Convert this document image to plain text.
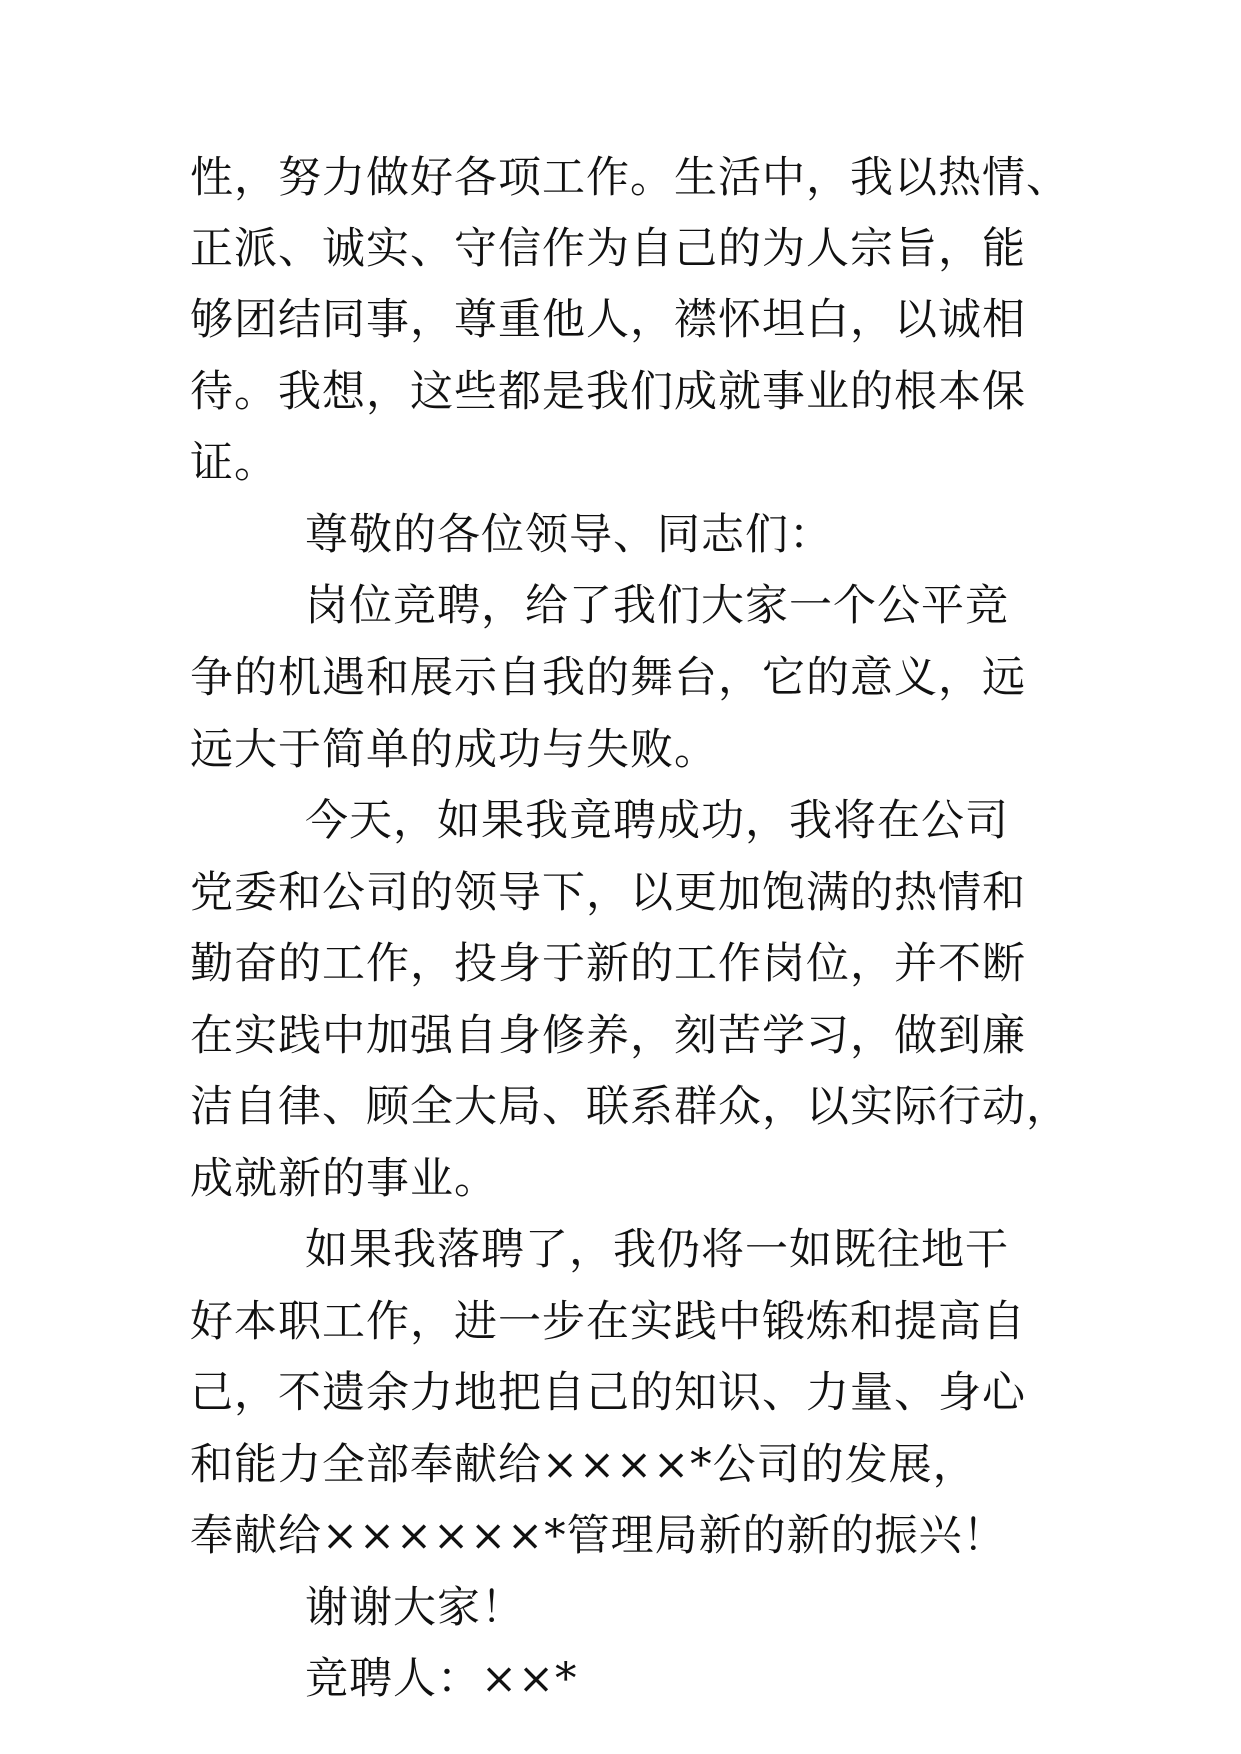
性，努力做好各项工作。生活中，我以热情、
正派、诚实、守信作为自己的为人宗旨，能
够团结同事，尊重他人，襟怀坦白，以诚相
待。我想，这些都是我们成就事业的根本保
证。
尊敬的各位领导、同志们：
岗位竞聘，给了我们大家一个公平竞
争的机遇和展示自我的舞台，它的意义，远
远大于简单的成功与失败。
今天，如果我竟聘成功，我将在公司
党委和公司的领导下，以更加饱满的热情和
勤奋的工作，投身于新的工作岗位，并不断
在实践中加强自身修养，刻苦学习，做到廉
洁自律、顾全大局、联系群众，以实际行动，
成就新的事业。
如果我落聘了，我仍将一如既往地干
好本职工作，进一步在实践中锻炼和提高自
己，不遗余力地把自己的知识、力量、身心
和能力全部奉献给××××*公司的发展，
奉献给××××××*管理局新的新的振兴！
谢谢大家！
竞聘人：××*
